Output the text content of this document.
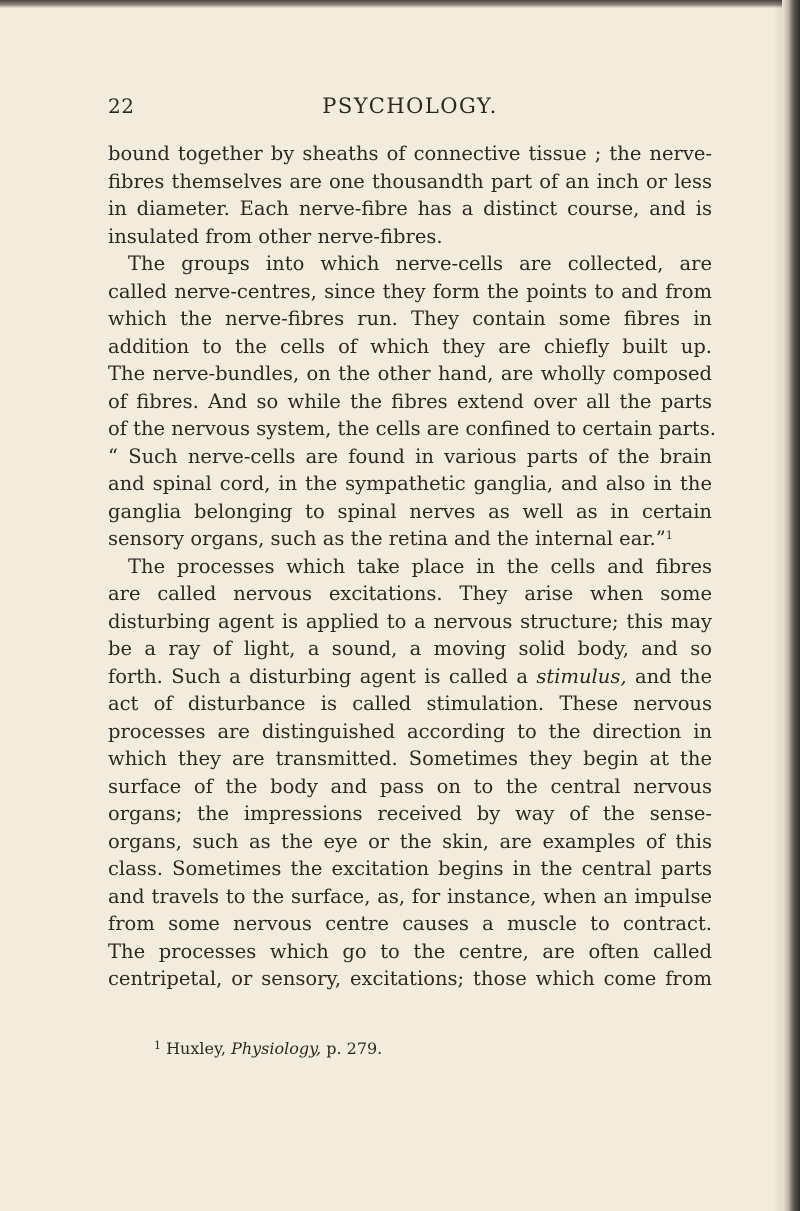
22	PSYCHOLOGY.
bound together by sheaths of connective tissue ; the nerve-
fibres themselves are one thousandth part of an inch or less
in diameter. Each nerve-fibre has a distinct course, and is
insulated from other nerve-fibres.
The groups into which nerve-cells are collected, are
called nerve-centres, since they form the points to and from
which the nerve-fibres run. They contain some fibres in
addition to the cells of which they are chiefly built up.
The nerve-bundles, on the other hand, are wholly composed
of fibres. And so while the fibres extend over all the parts
of the nervous system, the cells are confined to certain parts.
“ Such nerve-cells are found in various parts of the brain
and spinal cord, in the sympathetic ganglia, and also in the
ganglia belonging to spinal nerves as well as in certain
sensory organs, such as the retina and the internal ear.”$^1$
The processes which take place in the cells and fibres
are called nervous excitations. They arise when some
disturbing agent is applied to a nervous structure; this may
be a ray of light, a sound, a moving solid body, and so
forth. Such a disturbing agent is called a stimulus, and the
act of disturbance is called stimulation. These nervous
processes are distinguished according to the direction in
which they are transmitted. Sometimes they begin at the
surface of the body and pass on to the central nervous
organs; the impressions received by way of the sense-
organs, such as the eye or the skin, are examples of this
class. Sometimes the excitation begins in the central parts
and travels to the surface, as, for instance, when an impulse
from some nervous centre causes a muscle to contract.
The processes which go to the centre, are often called
centripetal, or sensory, excitations; those which come from
$^1$ Huxley, Physiology, p. 279.
